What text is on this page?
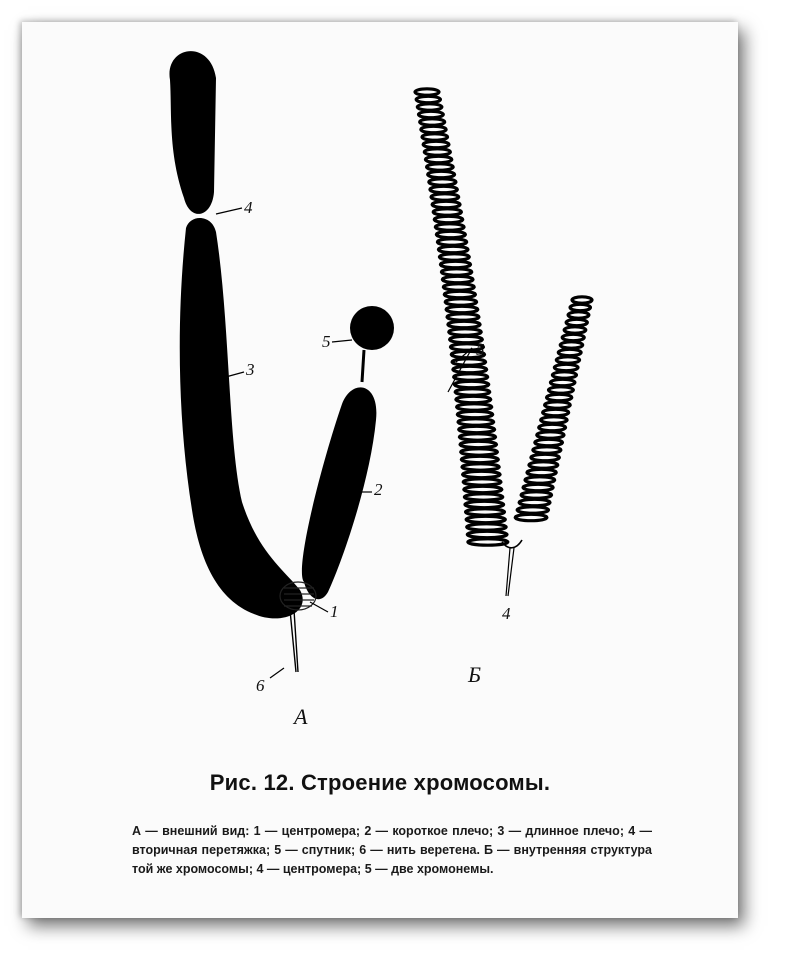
4
3
5
2
1
6
А
5
4
Б
Рис. 12. Строение хромосомы.
А — внешний вид: 1 — центромера; 2 — короткое плечо; 3 — длинное плечо; 4 — вторичная перетяжка; 5 — спутник; 6 — нить веретена. Б — внутренняя структура той же хромосомы; 4 — центромера; 5 — две хромонемы.
